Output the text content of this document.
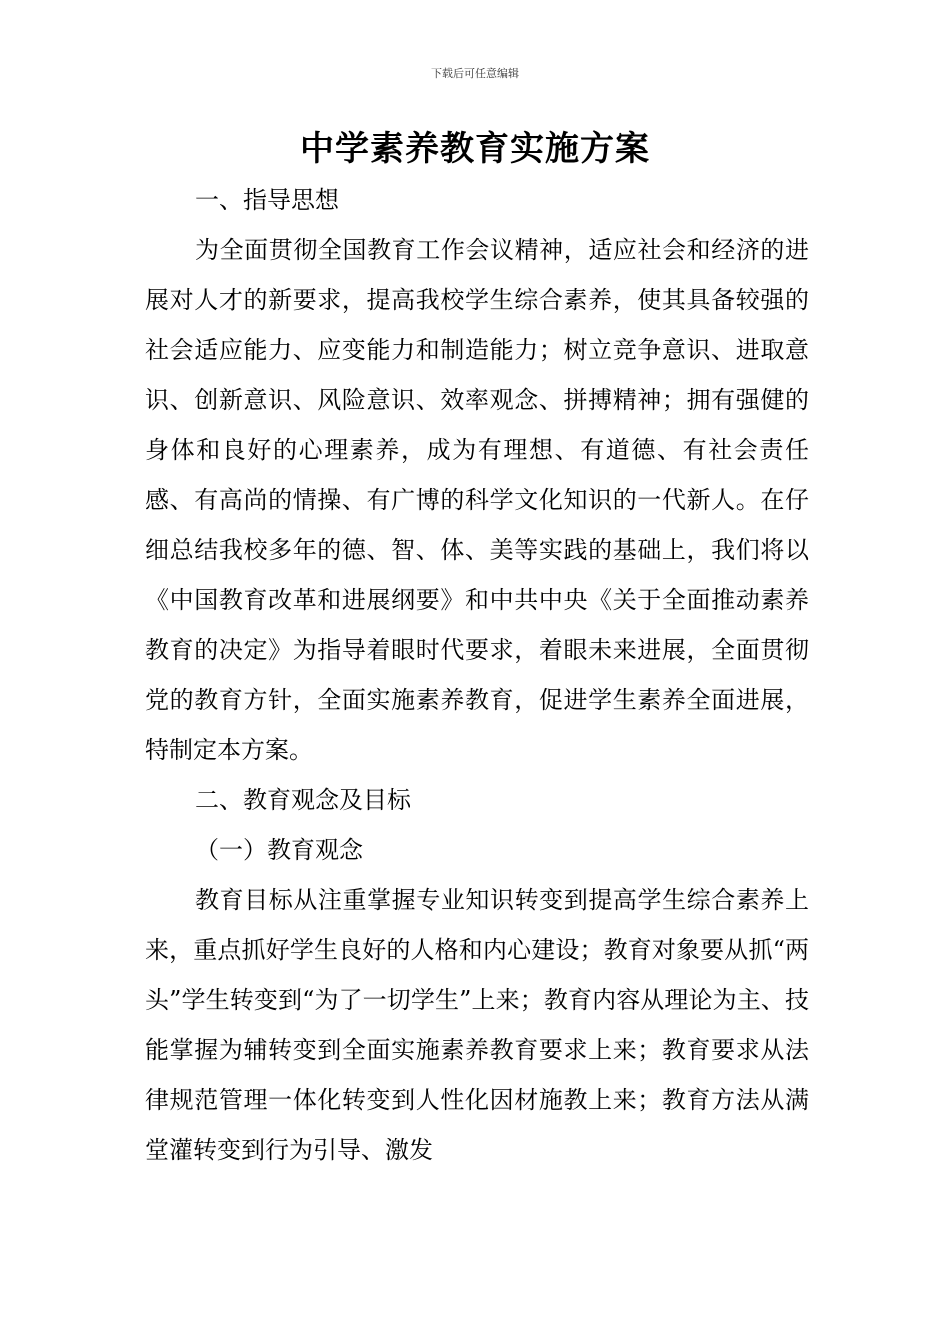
下载后可任意编辑
中学素养教育实施方案

一、指导思想

为全面贯彻全国教育工作会议精神，适应社会和经济的进展对人才的新要求，提高我校学生综合素养，使其具备较强的社会适应能力、应变能力和制造能力；树立竞争意识、进取意识、创新意识、风险意识、效率观念、拼搏精神；拥有强健的身体和良好的心理素养，成为有理想、有道德、有社会责任感、有高尚的情操、有广博的科学文化知识的一代新人。在仔细总结我校多年的德、智、体、美等实践的基础上，我们将以《中国教育改革和进展纲要》和中共中央《关于全面推动素养教育的决定》为指导着眼时代要求，着眼未来进展，全面贯彻党的教育方针，全面实施素养教育，促进学生素养全面进展，特制定本方案。

二、教育观念及目标

（一）教育观念

教育目标从注重掌握专业知识转变到提高学生综合素养上来，重点抓好学生良好的人格和内心建设；教育对象要从抓“两头”学生转变到“为了一切学生”上来；教育内容从理论为主、技能掌握为辅转变到全面实施素养教育要求上来；教育要求从法律规范管理一体化转变到人性化因材施教上来；教育方法从满堂灌转变到行为引导、激发
